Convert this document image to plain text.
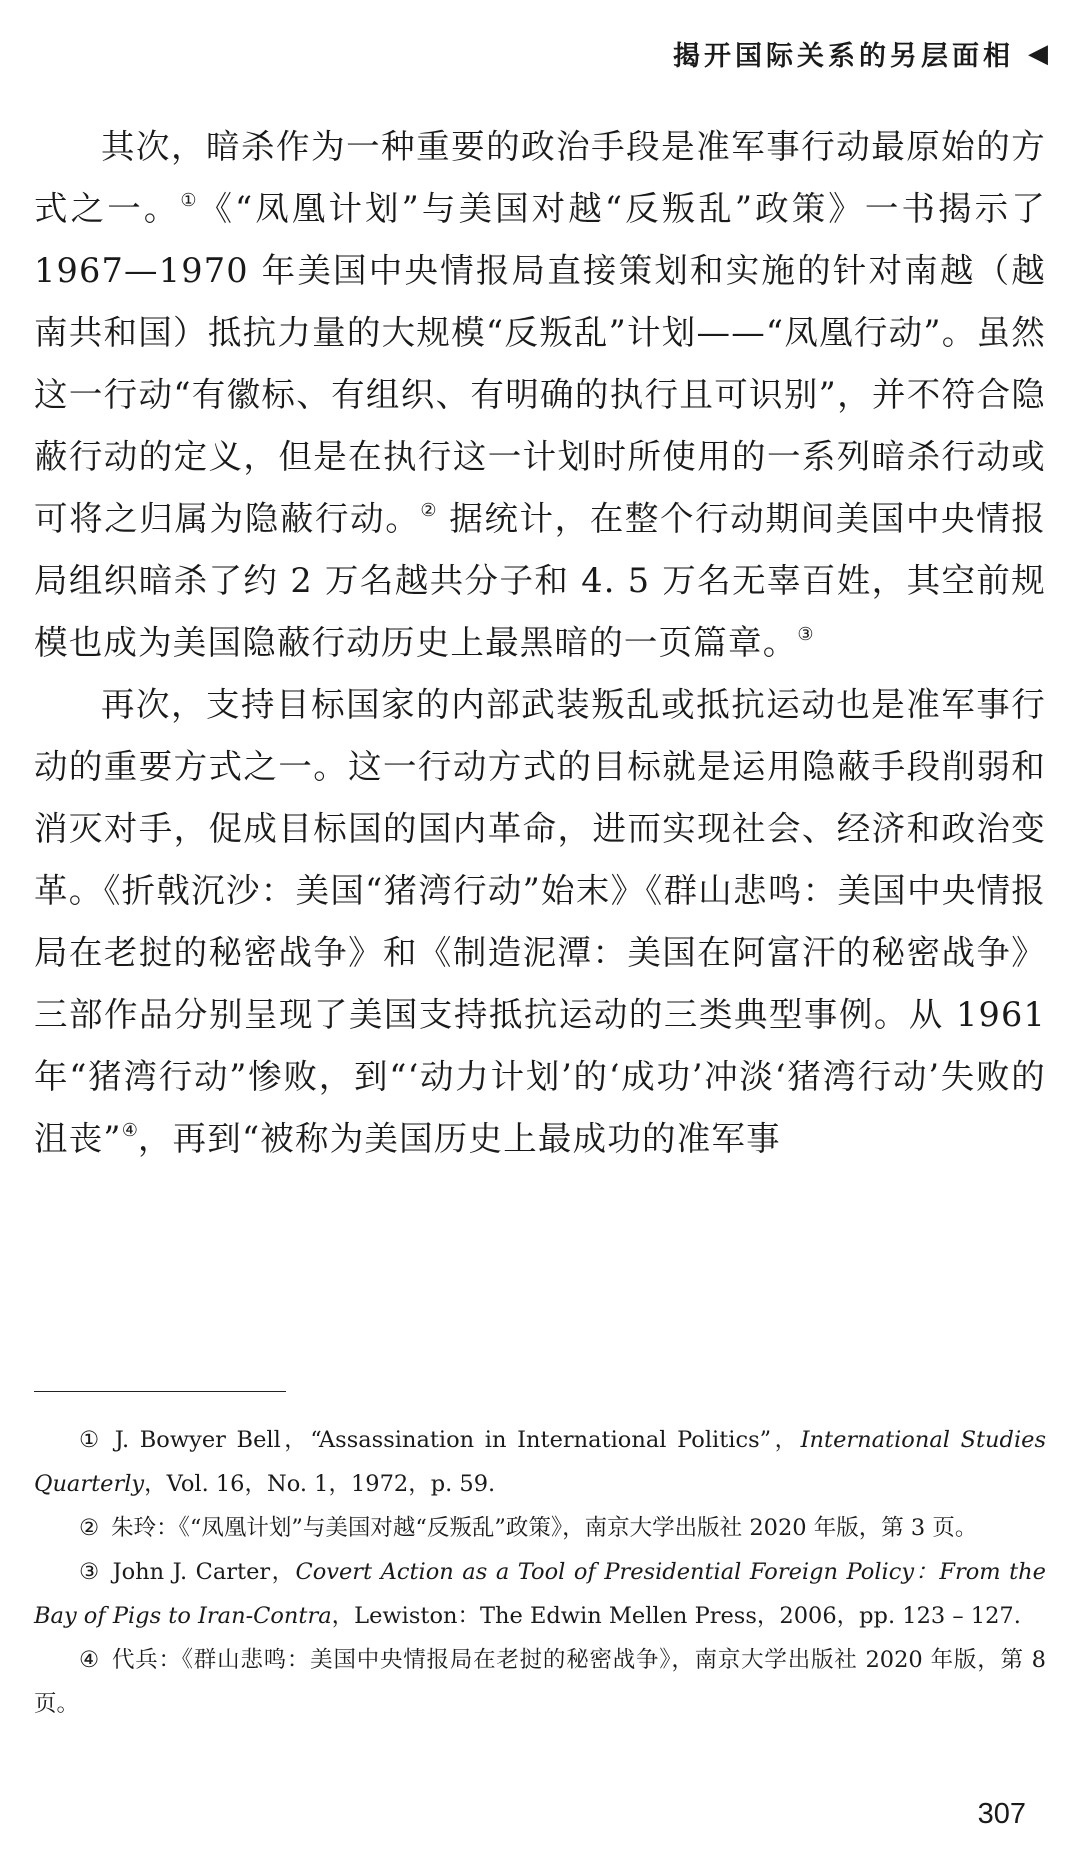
揭开国际关系的另层面相 ◀

其次，暗杀作为一种重要的政治手段是准军事行动最原始的方式之一。①《“凤凰计划”与美国对越“反叛乱”政策》一书揭示了 1967—1970 年美国中央情报局直接策划和实施的针对南越（越南共和国）抵抗力量的大规模“反叛乱”计划——“凤凰行动”。虽然这一行动“有徽标、有组织、有明确的执行且可识别”，并不符合隐蔽行动的定义，但是在执行这一计划时所使用的一系列暗杀行动或可将之归属为隐蔽行动。② 据统计，在整个行动期间美国中央情报局组织暗杀了约 2 万名越共分子和 4. 5 万名无辜百姓，其空前规模也成为美国隐蔽行动历史上最黑暗的一页篇章。③

再次，支持目标国家的内部武装叛乱或抵抗运动也是准军事行动的重要方式之一。这一行动方式的目标就是运用隐蔽手段削弱和消灭对手，促成目标国的国内革命，进而实现社会、经济和政治变革。《折戟沉沙：美国“猪湾行动”始末》《群山悲鸣：美国中央情报局在老挝的秘密战争》和《制造泥潭：美国在阿富汗的秘密战争》三部作品分别呈现了美国支持抵抗运动的三类典型事例。从 1961 年“猪湾行动”惨败，到“‘动力计划’的‘成功’冲淡‘猪湾行动’失败的沮丧”④，再到“被称为美国历史上最成功的准军事

① J. Bowyer Bell，“Assassination in International Politics”，International Studies Quarterly，Vol. 16，No. 1，1972，p. 59.

② 朱玲：《“凤凰计划”与美国对越“反叛乱”政策》，南京大学出版社 2020 年版，第 3 页。

③ John J. Carter，Covert Action as a Tool of Presidential Foreign Policy：From the Bay of Pigs to Iran-Contra，Lewiston：The Edwin Mellen Press，2006，pp. 123 – 127.

④ 代兵：《群山悲鸣：美国中央情报局在老挝的秘密战争》，南京大学出版社 2020 年版，第 8 页。

307
